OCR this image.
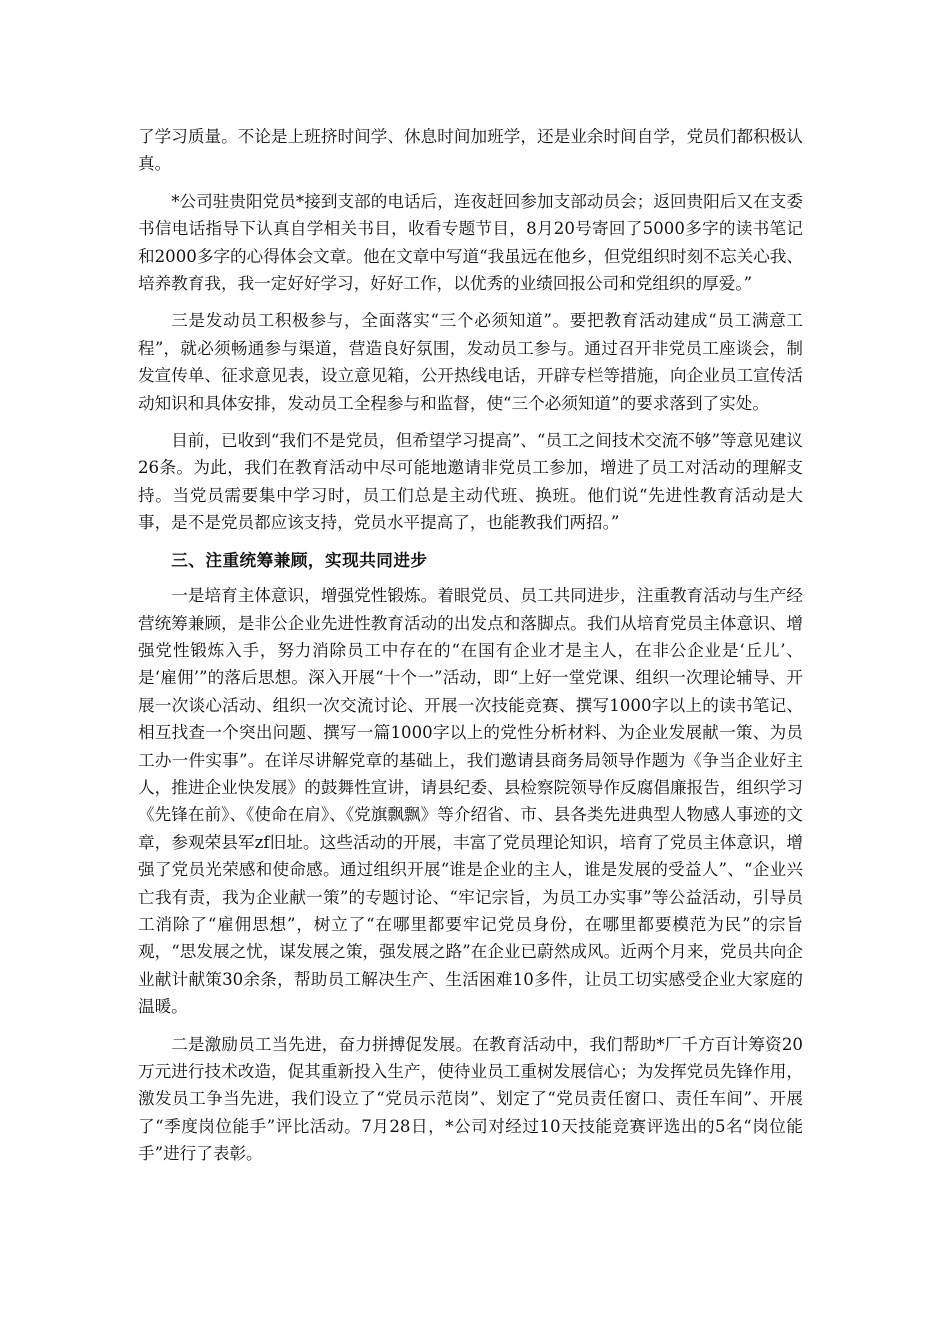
了学习质量。不论是上班挤时间学、休息时间加班学，还是业余时间自学，党员们都积极认真。

*公司驻贵阳党员*接到支部的电话后，连夜赶回参加支部动员会；返回贵阳后又在支委书信电话指导下认真自学相关书目，收看专题节目，8月20号寄回了5000多字的读书笔记和2000多字的心得体会文章。他在文章中写道“我虽远在他乡，但党组织时刻不忘关心我、培养教育我，我一定好好学习，好好工作，以优秀的业绩回报公司和党组织的厚爱。”

三是发动员工积极参与，全面落实“三个必须知道”。要把教育活动建成“员工满意工程”，就必须畅通参与渠道，营造良好氛围，发动员工参与。通过召开非党员工座谈会，制发宣传单、征求意见表，设立意见箱，公开热线电话，开辟专栏等措施，向企业员工宣传活动知识和具体安排，发动员工全程参与和监督，使“三个必须知道”的要求落到了实处。

目前，已收到“我们不是党员，但希望学习提高”、“员工之间技术交流不够”等意见建议26条。为此，我们在教育活动中尽可能地邀请非党员工参加，增进了员工对活动的理解支持。当党员需要集中学习时，员工们总是主动代班、换班。他们说“先进性教育活动是大事，是不是党员都应该支持，党员水平提高了，也能教我们两招。”

三、注重统筹兼顾，实现共同进步

一是培育主体意识，增强党性锻炼。着眼党员、员工共同进步，注重教育活动与生产经营统筹兼顾，是非公企业先进性教育活动的出发点和落脚点。我们从培育党员主体意识、增强党性锻炼入手，努力消除员工中存在的“在国有企业才是主人，在非公企业是‘丘儿’、是‘雇佣’”的落后思想。深入开展“十个一”活动，即“上好一堂党课、组织一次理论辅导、开展一次谈心活动、组织一次交流讨论、开展一次技能竞赛、撰写1000字以上的读书笔记、相互找查一个突出问题、撰写一篇1000字以上的党性分析材料、为企业发展献一策、为员工办一件实事”。在详尽讲解党章的基础上，我们邀请县商务局领导作题为《争当企业好主人，推进企业快发展》的鼓舞性宣讲，请县纪委、县检察院领导作反腐倡廉报告，组织学习《先锋在前》、《使命在肩》、《党旗飘飘》等介绍省、市、县各类先进典型人物感人事迹的文章，参观荣县军zf旧址。这些活动的开展，丰富了党员理论知识，培育了党员主体意识，增强了党员光荣感和使命感。通过组织开展“谁是企业的主人，谁是发展的受益人”、“企业兴亡我有责，我为企业献一策”的专题讨论、“牢记宗旨，为员工办实事”等公益活动，引导员工消除了“雇佣思想”，树立了“在哪里都要牢记党员身份，在哪里都要模范为民”的宗旨观，“思发展之忧，谋发展之策，强发展之路”在企业已蔚然成风。近两个月来，党员共向企业献计献策30余条，帮助员工解决生产、生活困难10多件，让员工切实感受企业大家庭的温暖。

二是激励员工当先进，奋力拼搏促发展。在教育活动中，我们帮助*厂千方百计筹资20万元进行技术改造，促其重新投入生产，使待业员工重树发展信心；为发挥党员先锋作用，激发员工争当先进，我们设立了“党员示范岗”、划定了“党员责任窗口、责任车间”、开展了“季度岗位能手”评比活动。7月28日，*公司对经过10天技能竞赛评选出的5名“岗位能手”进行了表彰。
